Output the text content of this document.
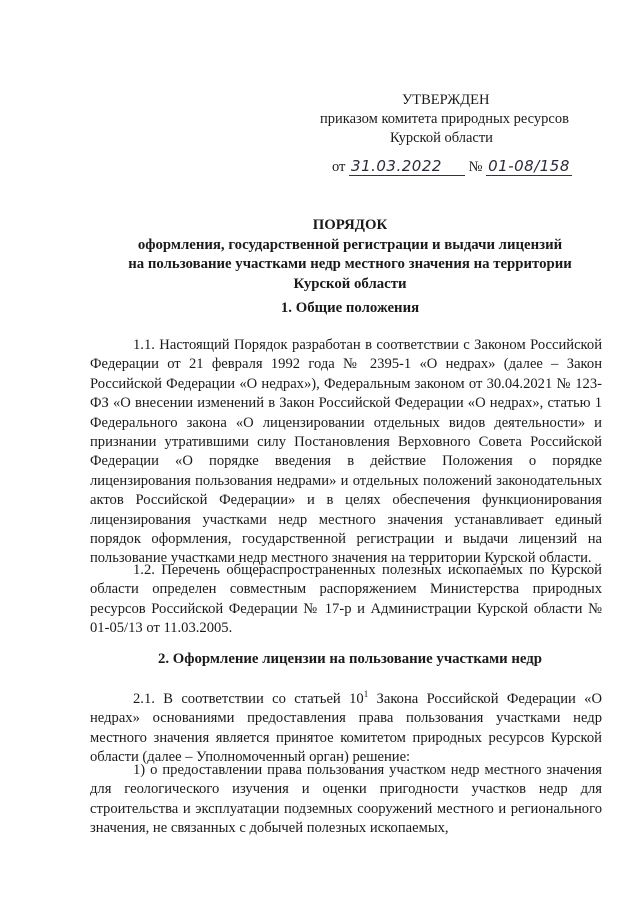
УТВЕРЖДЕН
приказом комитета природных ресурсов
Курской области
от 31.03.2022 № 01-08/158
ПОРЯДОК
оформления, государственной регистрации и выдачи лицензий
на пользование участками недр местного значения на территории
Курской области
1. Общие положения

1.1. Настоящий Порядок разработан в соответствии с Законом Российской Федерации от 21 февраля 1992 года № 2395-1 «О недрах» (далее – Закон Российской Федерации «О недрах»), Федеральным законом от 30.04.2021 № 123-ФЗ «О внесении изменений в Закон Российской Федерации «О недрах», статью 1 Федерального закона «О лицензировании отдельных видов деятельности» и признании утратившими силу Постановления Верховного Совета Российской Федерации «О порядке введения в действие Положения о порядке лицензирования пользования недрами» и отдельных положений законодательных актов Российской Федерации» и в целях обеспечения функционирования лицензирования участками недр местного значения устанавливает единый порядок оформления, государственной регистрации и выдачи лицензий на пользование участками недр местного значения на территории Курской области.

1.2. Перечень общераспространенных полезных ископаемых по Курской области определен совместным распоряжением Министерства природных ресурсов Российской Федерации № 17-р и Администрации Курской области № 01-05/13 от 11.03.2005.

2. Оформление лицензии на пользование участками недр

2.1. В соответствии со статьей $10^1$ Закона Российской Федерации «О недрах» основаниями предоставления права пользования участками недр местного значения является принятое комитетом природных ресурсов Курской области (далее – Уполномоченный орган) решение:

1) о предоставлении права пользования участком недр местного значения для геологического изучения и оценки пригодности участков недр для строительства и эксплуатации подземных сооружений местного и регионального значения, не связанных с добычей полезных ископаемых,
